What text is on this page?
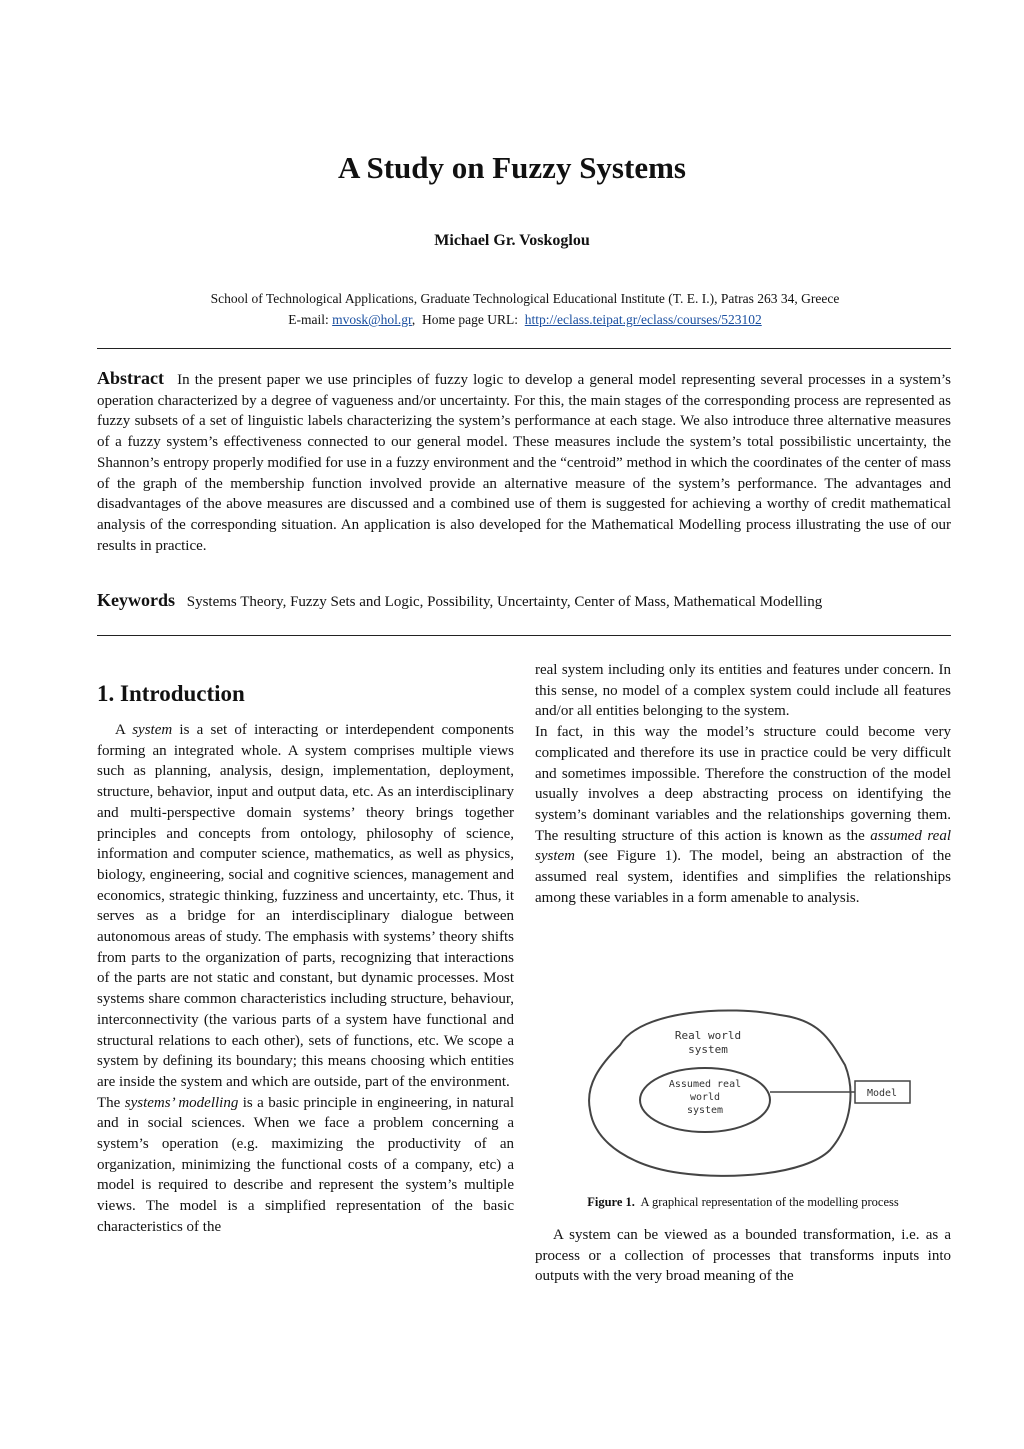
A Study on Fuzzy Systems
Michael Gr. Voskoglou
School of Technological Applications, Graduate Technological Educational Institute (T. E. I.), Patras 263 34, Greece
E-mail: mvosk@hol.gr,  Home page URL: http://eclass.teipat.gr/eclass/courses/523102

Abstract In the present paper we use principles of fuzzy logic to develop a general model representing several processes in a system’s operation characterized by a degree of vagueness and/or uncertainty. For this, the main stages of the corresponding process are represented as fuzzy subsets of a set of linguistic labels characterizing the system’s performance at each stage. We also introduce three alternative measures of a fuzzy system’s effectiveness connected to our general model. These measures include the system’s total possibilistic uncertainty, the Shannon’s entropy properly modified for use in a fuzzy environment and the “centroid” method in which the coordinates of the center of mass of the graph of the membership function involved provide an alternative measure of the system’s performance. The advantages and disadvantages of the above measures are discussed and a combined use of them is suggested for achieving a worthy of credit mathematical analysis of the corresponding situation. An application is also developed for the Mathematical Modelling process illustrating the use of our results in practice.

Keywords Systems Theory, Fuzzy Sets and Logic, Possibility, Uncertainty, Center of Mass, Mathematical Modelling

1. Introduction

A system is a set of interacting or interdependent components forming an integrated whole. A system comprises multiple views such as planning, analysis, design, implementation, deployment, structure, behavior, input and output data, etc. As an interdisciplinary and multi-perspective domain systems’ theory brings together principles and concepts from ontology, philosophy of science, information and computer science, mathematics, as well as physics, biology, engineering, social and cognitive sciences, management and economics, strategic thinking, fuzziness and uncertainty, etc. Thus, it serves as a bridge for an interdisciplinary dialogue between autonomous areas of study. The emphasis with systems’ theory shifts from parts to the organization of parts, recognizing that interactions of the parts are not static and constant, but dynamic processes. Most systems share common characteristics including structure, behaviour, interconnectivity (the various parts of a system have functional and structural relations to each other), sets of functions, etc. We scope a system by defining its boundary; this means choosing which entities are inside the system and which are outside, part of the environment.

The systems’ modelling is a basic principle in engineering, in natural and in social sciences. When we face a problem concerning a system’s operation (e.g. maximizing the productivity of an organization, minimizing the functional costs of a company, etc) a model is required to describe and represent the system’s multiple views. The model is a simplified representation of the basic characteristics of the

real system including only its entities and features under concern. In this sense, no model of a complex system could include all features and/or all entities belonging to the system.

In fact, in this way the model’s structure could become very complicated and therefore its use in practice could be very difficult and sometimes impossible. Therefore the construction of the model usually involves a deep abstracting process on identifying the system’s dominant variables and the relationships governing them. The resulting structure of this action is known as the assumed real system (see Figure 1). The model, being an abstraction of the assumed real system, identifies and simplifies the relationships among these variables in a form amenable to analysis.

Real world
system
Assumed real
world
system
Model
Figure 1. A graphical representation of the modelling process

A system can be viewed as a bounded transformation, i.e. as a process or a collection of processes that transforms inputs into outputs with the very broad meaning of the
